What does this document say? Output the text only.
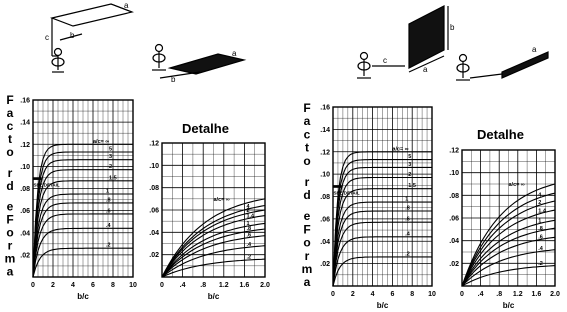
c	b
a
b
a
c
a
b
a
F
a
c
t
o
r
d
e
F
o
r
m
a
F
a
c
t
o
r
d
e
F
o
r
m
a
Detalhe	Detalhe
0 2 4 6 8 10
.02
.04
.06
.08
.10
.12
.14
.16
b/c
a/c= ∞
5
3
2
1.5
1
.8
.6
.4
.2
SEE DETAIL
0 .4 .8 1.2 1.6 2.0
.02
.04
.06
.08
.10
.12
b/c
a/c= ∞
4
2
1.4
1
.8
.6
.4
.2
0 2 4 6 8 10
.02
.04
.06
.08
.10
.12
.14
.16
b/c
a/c= ∞
5
3
2
1.5
1
.8
.6
.4
.2
SEE DETAIL
0 .4 .8 1.2 1.6 2.0
.02
.04
.06
.08
.10
.12
b/c
a/c= ∞
4
2
1.4
1
.8
.6
.4
.2
